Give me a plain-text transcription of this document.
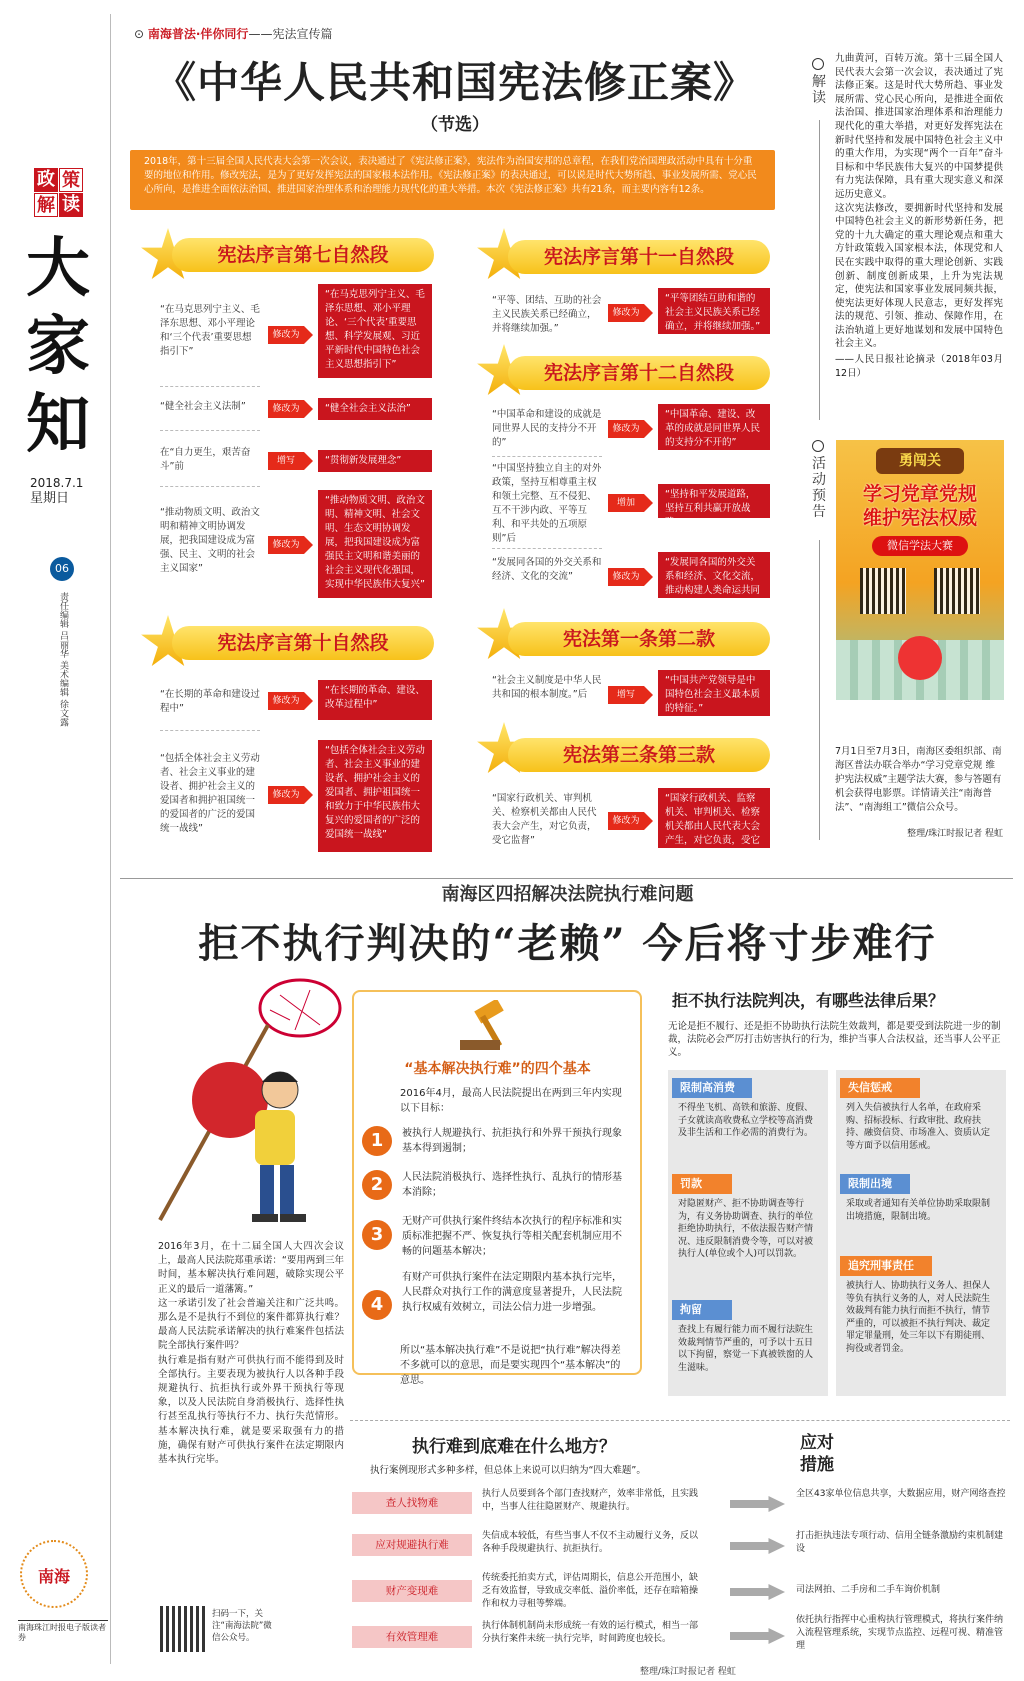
政 策
解 读
大
家
知
2018.7.1
星期日
06
责任编辑 吕丽华 美术编辑 徐文露
南海
南海珠江时报电子版读者券
⊙ 南海普法·伴你同行——宪法宣传篇
《中华人民共和国宪法修正案》
（节选）
2018年，第十三届全国人民代表大会第一次会议，表决通过了《宪法修正案》，宪法作为治国安邦的总章程，在我们党治国理政活动中具有十分重要的地位和作用。修改宪法，是为了更好发挥宪法的国家根本法作用。《宪法修正案》的表决通过，可以说是时代大势所趋、事业发展所需、党心民心所向，是推进全面依法治国、推进国家治理体系和治理能力现代化的重大举措。本次《宪法修正案》共有21条，而主要内容有12条。
宪法序言第七自然段
“在马克思列宁主义、毛泽东思想、邓小平理论和‘三个代表’重要思想指引下”
修改为
“在马克思列宁主义、毛泽东思想、邓小平理论、‘三个代表’重要思想、科学发展观、习近平新时代中国特色社会主义思想指引下”
“健全社会主义法制”	修改为	“健全社会主义法治”
在“自力更生，艰苦奋斗”前	增写	“贯彻新发展理念”
“推动物质文明、政治文明和精神文明协调发展，把我国建设成为富强、民主、文明的社会主义国家”
修改为
“推动物质文明、政治文明、精神文明、社会文明、生态文明协调发展，把我国建设成为富强民主文明和谐美丽的社会主义现代化强国，实现中华民族伟大复兴”
宪法序言第十自然段
“在长期的革命和建设过程中”
修改为
“在长期的革命、建设、改革过程中”
“包括全体社会主义劳动者、社会主义事业的建设者、拥护社会主义的爱国者和拥护祖国统一的爱国者的广泛的爱国统一战线”
修改为
“包括全体社会主义劳动者、社会主义事业的建设者、拥护社会主义的爱国者、拥护祖国统一和致力于中华民族伟大复兴的爱国者的广泛的爱国统一战线”
宪法序言第十一自然段
“平等、团结、互助的社会主义民族关系已经确立，并将继续加强。”
修改为
“平等团结互助和谐的社会主义民族关系已经确立，并将继续加强。”
宪法序言第十二自然段
“中国革命和建设的成就是同世界人民的支持分不开的”
修改为
“中国革命、建设、改革的成就是同世界人民的支持分不开的”
“中国坚持独立自主的对外政策，坚持互相尊重主权和领土完整、互不侵犯、互不干涉内政、平等互利、和平共处的五项原则”后
增加
“坚持和平发展道路，坚持互利共赢开放战略”
“发展同各国的外交关系和经济、文化的交流”	修改为
“发展同各国的外交关系和经济、文化交流，推动构建人类命运共同体”
宪法第一条第二款
“社会主义制度是中华人民共和国的根本制度。”后	增写
“中国共产党领导是中国特色社会主义最本质的特征。”
宪法第三条第三款
“国家行政机关、审判机关、检察机关都由人民代表大会产生，对它负责，受它监督”
修改为
“国家行政机关、监察机关、审判机关、检察机关都由人民代表大会产生，对它负责，受它监督”
解读
九曲黄河，百转万流。第十三届全国人民代表大会第一次会议，表决通过了宪法修正案。这是时代大势所趋、事业发展所需、党心民心所向，是推进全面依法治国、推进国家治理体系和治理能力现代化的重大举措，对更好发挥宪法在新时代坚持和发展中国特色社会主义中的重大作用，为实现“两个一百年”奋斗目标和中华民族伟大复兴的中国梦提供有力宪法保障，具有重大现实意义和深远历史意义。
这次宪法修改，要拥新时代坚持和发展中国特色社会主义的新形势新任务，把党的十九大确定的重大理论观点和重大方针政策载入国家根本法，体现党和人民在实践中取得的重大理论创新、实践创新、制度创新成果，上升为宪法规定，使宪法和国家事业发展同频共振，使宪法更好体现人民意志，更好发挥宪法的规范、引领、推动、保障作用，在法治轨道上更好地谋划和发展中国特色社会主义。
——人民日报社论摘录（2018年03月12日）
活动预告
勇闯关
学习党章党规
维护宪法权威
微信学法大赛
7月1日至7月3日，南海区委组织部、南海区普法办联合举办“学习党章党规 维护宪法权威”主题学法大赛，参与答题有机会获得电影票。详情请关注“南海普法”、“南海组工”微信公众号。
整理/珠江时报记者 程虹
南海区四招解决法院执行难问题
拒不执行判决的“老赖” 今后将寸步难行
“基本解决执行难”的四个基本
2016年4月，最高人民法院提出在两到三年内实现以下目标：
1	被执行人规避执行、抗拒执行和外界干预执行现象基本得到遏制；
2	人民法院消极执行、选择性执行、乱执行的情形基本消除；
3
无财产可供执行案件终结本次执行的程序标准和实质标准把握不严、恢复执行等相关配套机制应用不畅的问题基本解决；
4
有财产可供执行案件在法定期限内基本执行完毕，人民群众对执行工作的满意度显著提升，人民法院执行权威有效树立，司法公信力进一步增强。
所以“基本解决执行难”不是说把“执行难”解决得差不多就可以的意思，而是要实现四个“基本解决”的意思。
2016年3月，在十二届全国人大四次会议上，最高人民法院郑重承诺：“要用两到三年时间，基本解决执行难问题，破除实现公平正义的最后一道藩篱。”
这一承诺引发了社会普遍关注和广泛共鸣。那么是不是执行不到位的案件都算执行难？最高人民法院承诺解决的执行难案件包括法院全部执行案件吗？
执行难是指有财产可供执行而不能得到及时全部执行。主要表现为被执行人以各种手段规避执行、抗拒执行或外界干预执行等现象，以及人民法院自身消极执行、选择性执行甚至乱执行等执行不力、执行失范情形。基本解决执行难，就是要采取强有力的措施，确保有财产可供执行案件在法定期限内基本执行完毕。
拒不执行法院判决，有哪些法律后果？
无论是拒不履行、还是拒不协助执行法院生效裁判，都是要受到法院进一步的制裁，法院必会严厉打击妨害执行的行为，维护当事人合法权益，还当事人公平正义。
限制高消费
不得坐飞机、高铁和旅游、度假、子女就读高收费私立学校等高消费及非生活和工作必需的消费行为。
失信惩戒
列入失信被执行人名单，在政府采购、招标投标、行政审批、政府扶持、融资信贷、市场准入、资质认定等方面予以信用惩戒。
罚款
对隐匿财产、拒不协助调查等行为，有义务协助调查、执行的单位拒绝协助执行，不依法报告财产情况、违反限制消费令等，可以对被执行人(单位或个人)可以罚款。
限制出境
采取或者通知有关单位协助采取限制出境措施，限制出境。
拘留
查找上有履行能力而不履行法院生效裁判情节严重的，可予以十五日以下拘留，察觉一下真被铁窗的人生滋味。
追究刑事责任
被执行人、协助执行义务人、担保人等负有执行义务的人，对人民法院生效裁判有能力执行而拒不执行，情节严重的，可以被拒不执行判决、裁定罪定罪量刑，处三年以下有期徒刑、拘役或者罚金。
执行难到底难在什么地方？
执行案例现形式多种多样，但总体上来说可以归纳为“四大难题”。
应对措施
查人找物难
执行人员要到各个部门查找财产，效率非常低，且实践中，当事人往往隐匿财产、规避执行。
全区43家单位信息共享，大数据应用，财产网络查控
应对规避执行难
失信成本较低，有些当事人不仅不主动履行义务，反以各种手段规避执行、抗拒执行。
打击拒执违法专项行动、信用全链条激励约束机制建设
财产变现难
传统委托拍卖方式，评估周期长，信息公开范围小，缺乏有效监督，导致成交率低、溢价率低，还存在暗箱操作和权力寻租等弊端。
司法网拍、二手房和二手车询价机制
有效管理难
执行体制机制尚未形成统一有效的运行模式，相当一部分执行案件未统一执行完毕，时间跨度也较长。
依托执行指挥中心重构执行管理模式，将执行案件纳入流程管理系统，实现节点监控、远程可视、精准管理
整理/珠江时报记者 程虹
扫码一下，关注“南海法院”微信公众号。
